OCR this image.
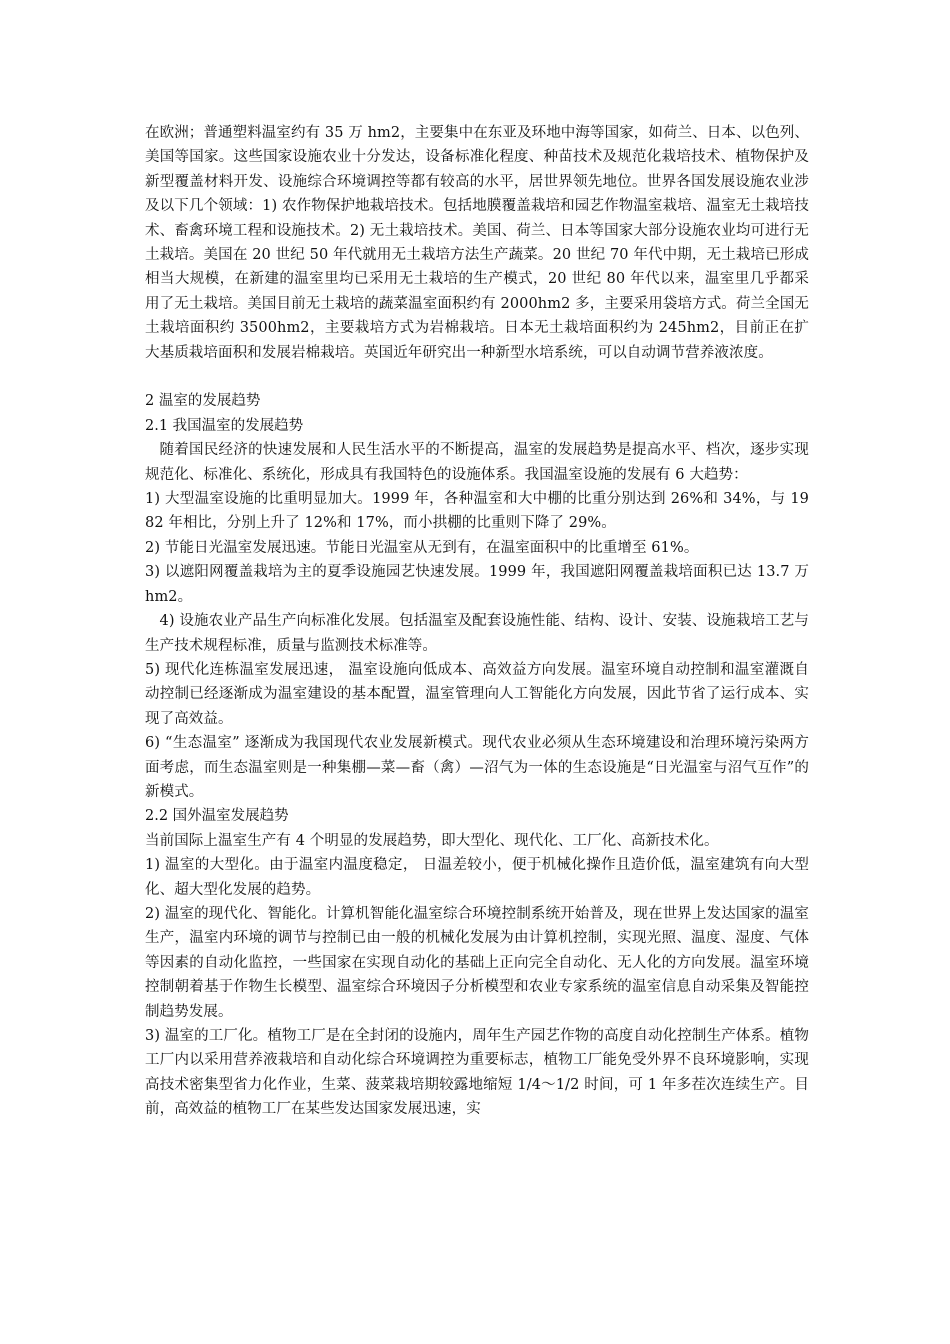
在欧洲；普通塑料温室约有 35 万 hm2，主要集中在东亚及环地中海等国家，如荷兰、日本、以色列、美国等国家。这些国家设施农业十分发达，设备标准化程度、种苗技术及规范化栽培技术、植物保护及新型覆盖材料开发、设施综合环境调控等都有较高的水平，居世界领先地位。世界各国发展设施农业涉及以下几个领域：1) 农作物保护地栽培技术。包括地膜覆盖栽培和园艺作物温室栽培、温室无土栽培技术、畜禽环境工程和设施技术。2) 无土栽培技术。美国、荷兰、日本等国家大部分设施农业均可进行无土栽培。美国在 20 世纪 50 年代就用无土栽培方法生产蔬菜。20 世纪 70 年代中期，无土栽培已形成相当大规模，在新建的温室里均已采用无土栽培的生产模式，20 世纪 80 年代以来，温室里几乎都采用了无土栽培。美国目前无土栽培的蔬菜温室面积约有 2000hm2 多，主要采用袋培方式。荷兰全国无土栽培面积约 3500hm2，主要栽培方式为岩棉栽培。日本无土栽培面积约为 245hm2，目前正在扩大基质栽培面积和发展岩棉栽培。英国近年研究出一种新型水培系统，可以自动调节营养液浓度。

2 温室的发展趋势

2.1 我国温室的发展趋势

随着国民经济的快速发展和人民生活水平的不断提高，温室的发展趋势是提高水平、档次，逐步实现规范化、标准化、系统化，形成具有我国特色的设施体系。我国温室设施的发展有 6 大趋势：

1) 大型温室设施的比重明显加大。1999 年，各种温室和大中棚的比重分别达到 26%和 34%，与 1982 年相比，分别上升了 12%和 17%，而小拱棚的比重则下降了 29%。

2) 节能日光温室发展迅速。节能日光温室从无到有，在温室面积中的比重增至 61%。

3) 以遮阳网覆盖栽培为主的夏季设施园艺快速发展。1999 年，我国遮阳网覆盖栽培面积已达 13.7 万 hm2。

4) 设施农业产品生产向标准化发展。包括温室及配套设施性能、结构、设计、安装、设施栽培工艺与生产技术规程标准，质量与监测技术标准等。

5) 现代化连栋温室发展迅速， 温室设施向低成本、高效益方向发展。温室环境自动控制和温室灌溉自动控制已经逐渐成为温室建设的基本配置，温室管理向人工智能化方向发展，因此节省了运行成本、实现了高效益。

6) “生态温室” 逐渐成为我国现代农业发展新模式。现代农业必须从生态环境建设和治理环境污染两方面考虑，而生态温室则是一种集棚—菜—畜（禽）—沼气为一体的生态设施是“日光温室与沼气互作”的新模式。

2.2 国外温室发展趋势

当前国际上温室生产有 4 个明显的发展趋势，即大型化、现代化、工厂化、高新技术化。

1) 温室的大型化。由于温室内温度稳定， 日温差较小，便于机械化操作且造价低，温室建筑有向大型化、超大型化发展的趋势。

2) 温室的现代化、智能化。计算机智能化温室综合环境控制系统开始普及，现在世界上发达国家的温室生产，温室内环境的调节与控制已由一般的机械化发展为由计算机控制，实现光照、温度、湿度、气体等因素的自动化监控，一些国家在实现自动化的基础上正向完全自动化、无人化的方向发展。温室环境控制朝着基于作物生长模型、温室综合环境因子分析模型和农业专家系统的温室信息自动采集及智能控制趋势发展。

3) 温室的工厂化。植物工厂是在全封闭的设施内，周年生产园艺作物的高度自动化控制生产体系。植物工厂内以采用营养液栽培和自动化综合环境调控为重要标志，植物工厂能免受外界不良环境影响，实现高技术密集型省力化作业，生菜、菠菜栽培期较露地缩短 1/4～1/2 时间，可 1 年多茬次连续生产。目前，高效益的植物工厂在某些发达国家发展迅速，实
